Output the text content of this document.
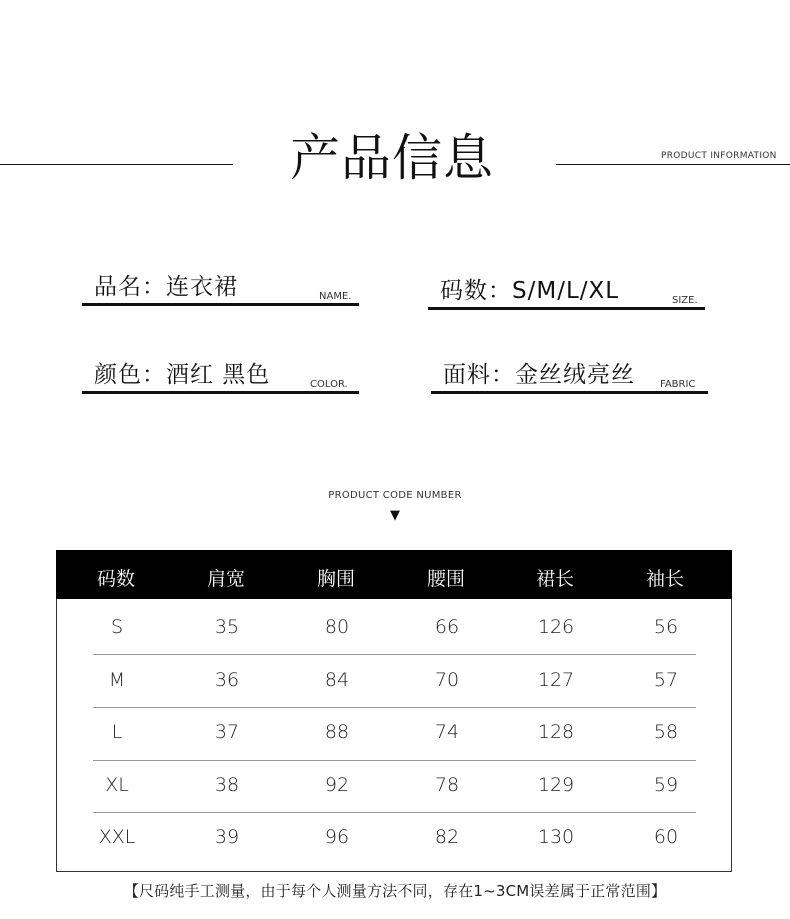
产品信息	PRODUCT INFORMATION
品名：连衣裙	NAME.	码数：S/M/L/XL	SIZE.
颜色：酒红 黑色	COLOR.	面料：金丝绒亮丝	FABRIC
PRODUCT CODE NUMBER
▼
码数	肩宽	胸围	腰围	裙长	袖长
S	35	80	66	126	56
M	36	84	70	127	57
L	37	88	74	128	58
XL	38	92	78	129	59
XXL	39	96	82	130	60
【尺码纯手工测量，由于每个人测量方法不同，存在1~3CM误差属于正常范围】
